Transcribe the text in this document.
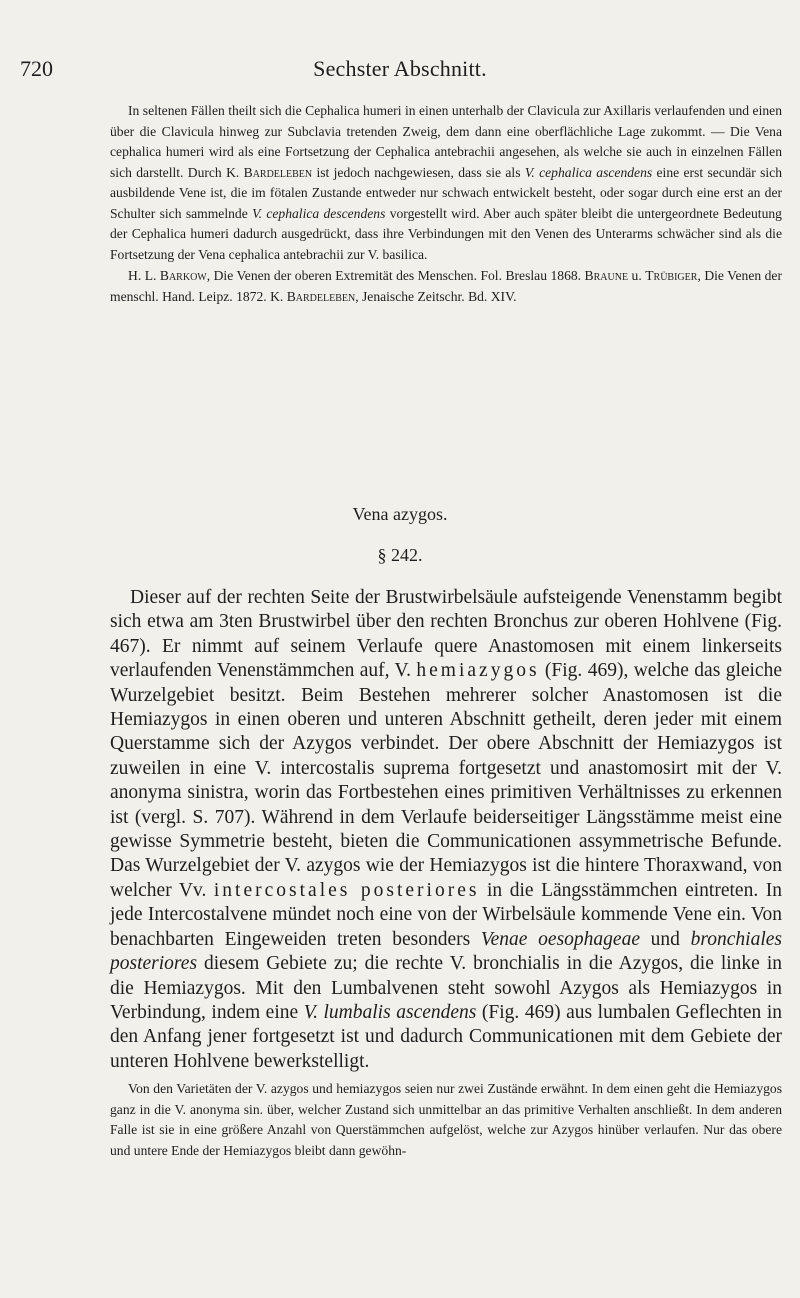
720	Sechster Abschnitt.

In seltenen Fällen theilt sich die Cephalica humeri in einen unterhalb der Clavicula zur Axillaris verlaufenden und einen über die Clavicula hinweg zur Subclavia tretenden Zweig, dem dann eine oberflächliche Lage zukommt. — Die Vena cephalica humeri wird als eine Fortsetzung der Cephalica antebrachii angesehen, als welche sie auch in einzelnen Fällen sich darstellt. Durch K. Bardeleben ist jedoch nachgewiesen, dass sie als V. cephalica ascendens eine erst secundär sich ausbildende Vene ist, die im fötalen Zustande entweder nur schwach entwickelt besteht, oder sogar durch eine erst an der Schulter sich sammelnde V. cephalica descendens vorgestellt wird. Aber auch später bleibt die untergeordnete Bedeutung der Cephalica humeri dadurch ausgedrückt, dass ihre Verbindungen mit den Venen des Unterarms schwächer sind als die Fortsetzung der Vena cephalica antebrachii zur V. basilica.

H. L. Barkow, Die Venen der oberen Extremität des Menschen. Fol. Breslau 1868. Braune u. Trübiger, Die Venen der menschl. Hand. Leipz. 1872. K. Bardeleben, Jenaische Zeitschr. Bd. XIV.

Vena azygos.
§ 242.

Dieser auf der rechten Seite der Brustwirbelsäule aufsteigende Venenstamm begibt sich etwa am 3ten Brustwirbel über den rechten Bronchus zur oberen Hohlvene (Fig. 467). Er nimmt auf seinem Verlaufe quere Anastomosen mit einem linkerseits verlaufenden Venenstämmchen auf, V. hemiazygos (Fig. 469), welche das gleiche Wurzelgebiet besitzt. Beim Bestehen mehrerer solcher Anastomosen ist die Hemiazygos in einen oberen und unteren Abschnitt getheilt, deren jeder mit einem Querstamme sich der Azygos verbindet. Der obere Abschnitt der Hemiazygos ist zuweilen in eine V. intercostalis suprema fortgesetzt und anastomosirt mit der V. anonyma sinistra, worin das Fortbestehen eines primitiven Verhältnisses zu erkennen ist (vergl. S. 707). Während in dem Verlaufe beiderseitiger Längsstämme meist eine gewisse Symmetrie besteht, bieten die Communicationen assymmetrische Befunde. Das Wurzelgebiet der V. azygos wie der Hemiazygos ist die hintere Thoraxwand, von welcher Vv. intercostales posteriores in die Längsstämmchen eintreten. In jede Intercostalvene mündet noch eine von der Wirbelsäule kommende Vene ein. Von benachbarten Eingeweiden treten besonders Venae oesophageae und bronchiales posteriores diesem Gebiete zu; die rechte V. bronchialis in die Azygos, die linke in die Hemiazygos. Mit den Lumbalvenen steht sowohl Azygos als Hemiazygos in Verbindung, indem eine V. lumbalis ascendens (Fig. 469) aus lumbalen Geflechten in den Anfang jener fortgesetzt ist und dadurch Communicationen mit dem Gebiete der unteren Hohlvene bewerkstelligt.

Von den Varietäten der V. azygos und hemiazygos seien nur zwei Zustände erwähnt. In dem einen geht die Hemiazygos ganz in die V. anonyma sin. über, welcher Zustand sich unmittelbar an das primitive Verhalten anschließt. In dem anderen Falle ist sie in eine größere Anzahl von Querstämmchen aufgelöst, welche zur Azygos hinüber verlaufen. Nur das obere und untere Ende der Hemiazygos bleibt dann gewöhn-
